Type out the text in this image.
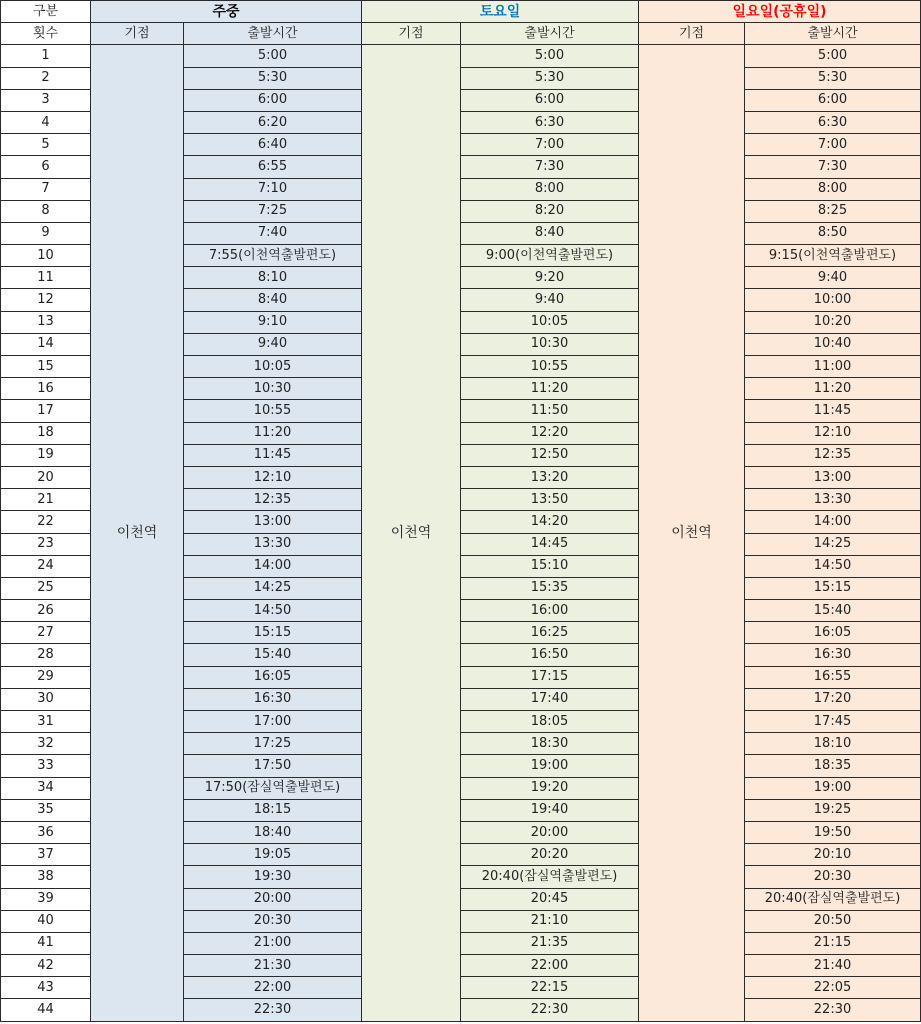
구분	주중		토요일		일요일(공휴일)	
횟수	기점	출발시간	기점	출발시간	기점	출발시간
1	이천역	5:00	이천역	5:00	이천역	5:00
2		5:30		5:30		5:30
3		6:00		6:00		6:00
4		6:20		6:30		6:30
5		6:40		7:00		7:00
6		6:55		7:30		7:30
7		7:10		8:00		8:00
8		7:25		8:20		8:25
9		7:40		8:40		8:50
10		7:55(이천역출발편도)		9:00(이천역출발편도)		9:15(이천역출발편도)
11		8:10		9:20		9:40
12		8:40		9:40		10:00
13		9:10		10:05		10:20
14		9:40		10:30		10:40
15		10:05		10:55		11:00
16		10:30		11:20		11:20
17		10:55		11:50		11:45
18		11:20		12:20		12:10
19		11:45		12:50		12:35
20		12:10		13:20		13:00
21		12:35		13:50		13:30
22		13:00		14:20		14:00
23		13:30		14:45		14:25
24		14:00		15:10		14:50
25		14:25		15:35		15:15
26		14:50		16:00		15:40
27		15:15		16:25		16:05
28		15:40		16:50		16:30
29		16:05		17:15		16:55
30		16:30		17:40		17:20
31		17:00		18:05		17:45
32		17:25		18:30		18:10
33		17:50		19:00		18:35
34		17:50(잠실역출발편도)		19:20		19:00
35		18:15		19:40		19:25
36		18:40		20:00		19:50
37		19:05		20:20		20:10
38		19:30		20:40(잠실역출발편도)		20:30
39		20:00		20:45		20:40(잠실역출발편도)
40		20:30		21:10		20:50
41		21:00		21:35		21:15
42		21:30		22:00		21:40
43		22:00		22:15		22:05
44		22:30		22:30		22:30
